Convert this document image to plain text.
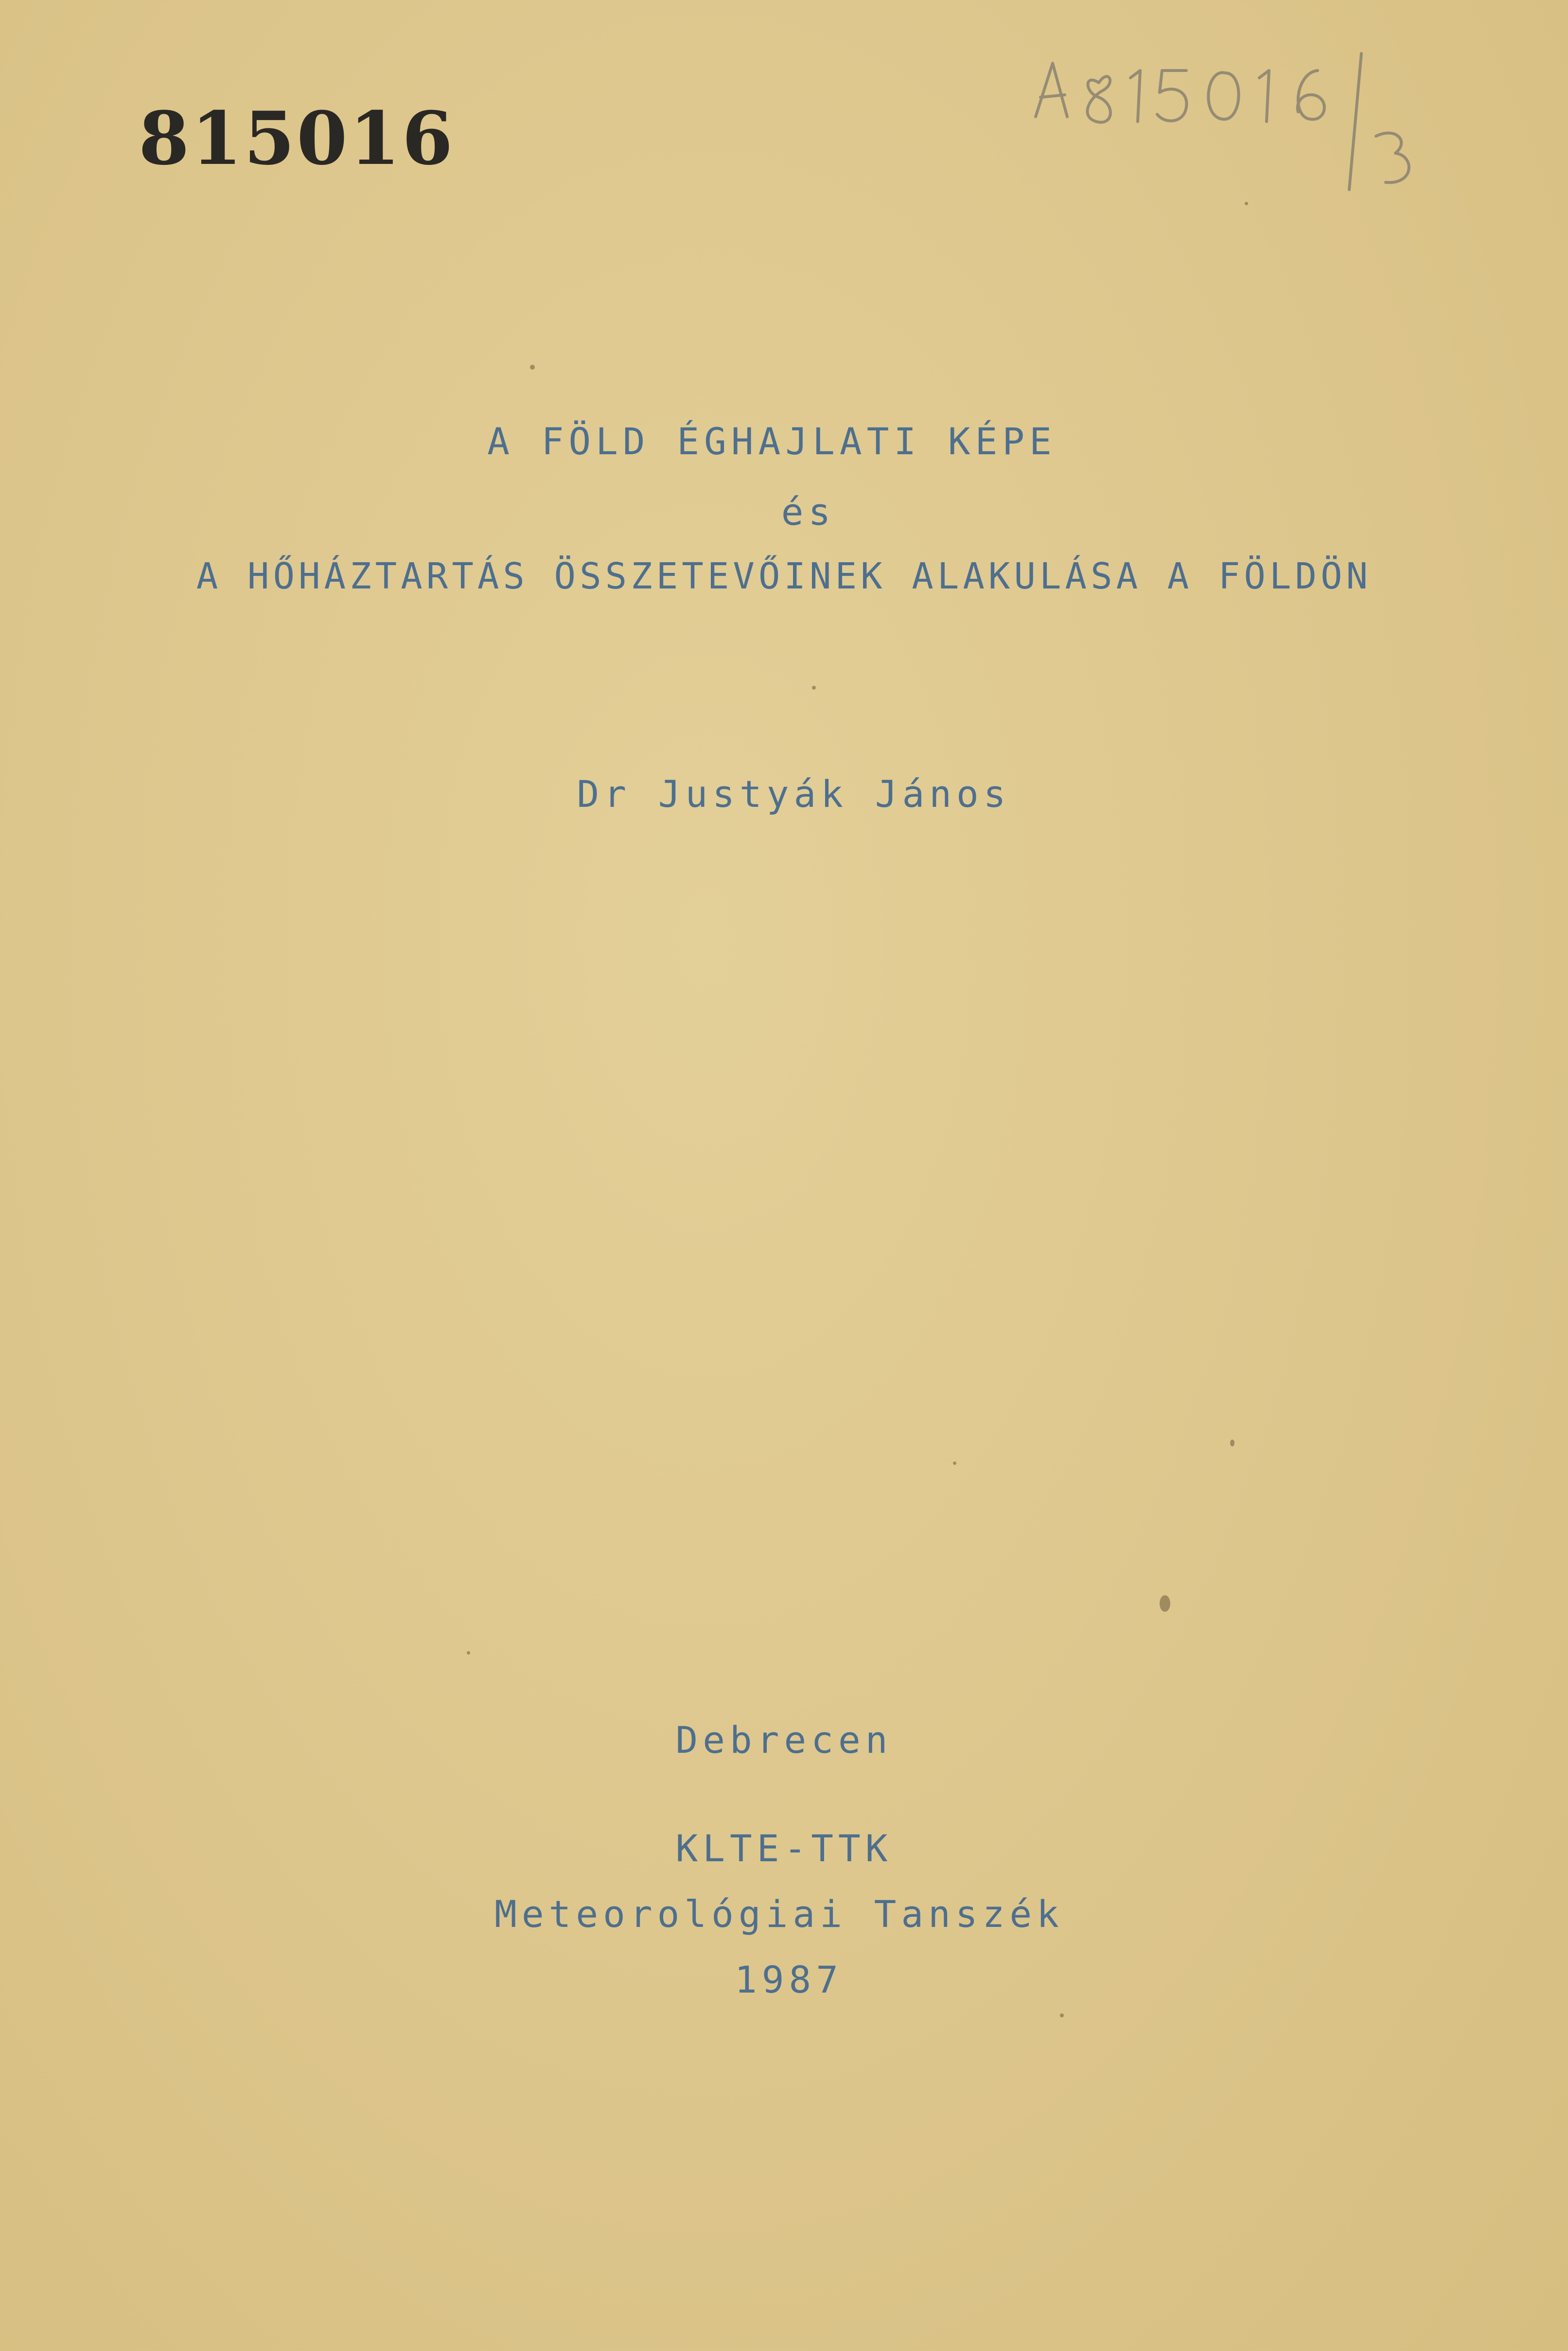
815016
A FÖLD ÉGHAJLATI KÉPE
és
A HŐHÁZTARTÁS ÖSSZETEVŐINEK ALAKULÁSA A FÖLDÖN
Dr Justyák János
Debrecen
KLTE-TTK
Meteorológiai Tanszék
1987
